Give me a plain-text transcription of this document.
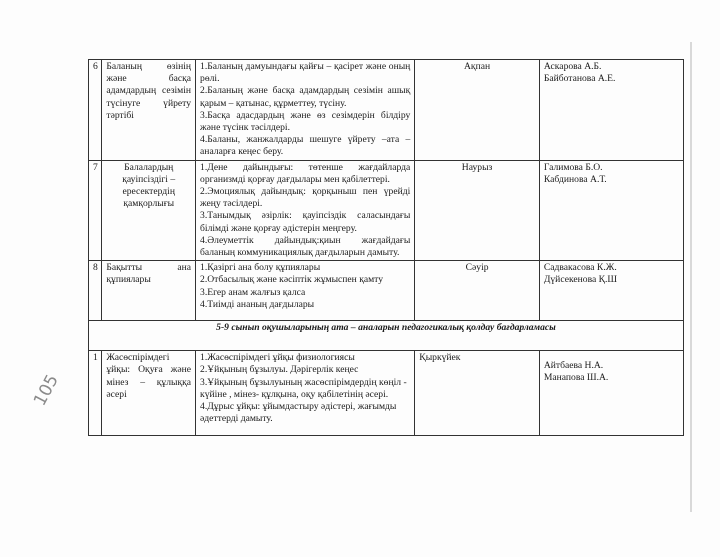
6	Баланың өзінің және басқа адамдардың сезімін түсінуге үйрету тәртібі	1.Баланың дамуындағы қайғы – қасірет және оның рөлі.
2.Баланың және басқа адамдардың сезімін ашық қарым – қатынас, құрметтеу, түсіну.
3.Басқа адаcдардың және өз сезімдерін білдіру және түсінк тәсілдері.
4.Баланы, жанжалдарды шешуге үйрету –ата – аналарға кеңес беру.	Ақпан	Аскарова А.Б.
Байботанова А.Е.

7	Балалардың қауіпсіздігі – ересектердің қамқорлығы	1.Дене дайындығы: төтенше жағдайларда организмді қорғау дағдылары мен қабілеттері.
2.Эмоциялық дайындық: қорқыныш пен үрейді жеңу тәсілдері.
3.Танымдық әзірлік: қауіпсіздік саласындағы білімді және қорғау әдістерін меңгеру.
4.Әлеуметтік дайындық:қиын жағдайдағы баланың коммуникациялық дағдыларын дамыту.	Наурыз	Галимова Б.О.
Кабдинова А.Т.

8	Бақытты ана құпиялары	1.Қазіргі ана болу құпиялары
2.Отбасылық және кәсіптік жұмыспен қамту
3.Егер анам жалғыз қалса
4.Тиімді ананың дағдылары	Сәуір	Садвакасова К.Ж.
Дүйсекенова Қ.Ш

5-9 сынып оқушыларының ата – аналарын педагогикалық қолдау бағдарламасы				
1	Жасөспірімдегі ұйқы: Оқуға және мінез – құлыққа әсері	1.Жасөспірімдегі ұйқы физиологиясы
2.Ұйқының бұзылуы. Дәрігерлік кеңес
3.Ұйқының бұзылуының жасөспірімдердің көңіл - күйіне , мінез- құлқына, оқу қабілетінің әсері.
4.Дұрыс ұйқы: ұйымдастыру әдістері, жағымды әдеттерді дамыту.	Қыркүйек	Айтбаева Н.А.
Манапова Ш.А.
105
